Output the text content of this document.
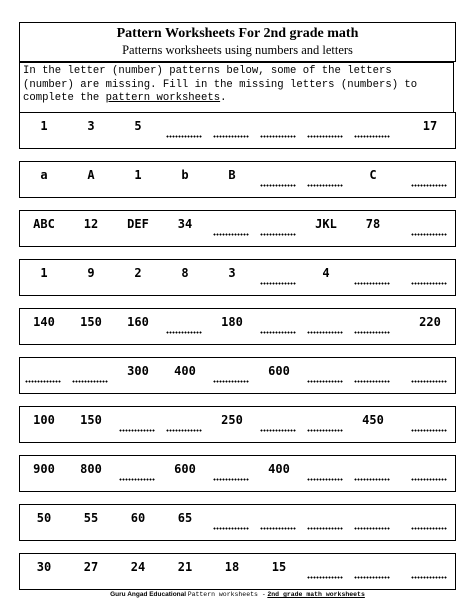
Pattern Worksheets For 2nd grade math
Patterns worksheets using numbers and letters
In the letter (number) patterns below, some of the letters
(number) are missing. Fill in the missing letters (numbers) to
complete the pattern worksheets.
1	3	5	17
a	A	1	b	B	C
ABC	12	DEF	34	JKL	78
1	9	2	8	3	4
140	150	160	180	220
300	400	600
100	150	250	450
900	800	600	400
50	55	60	65
30	27	24	21	18	15
Guru Angad Educational Pattern worksheets - 2nd grade math worksheets
